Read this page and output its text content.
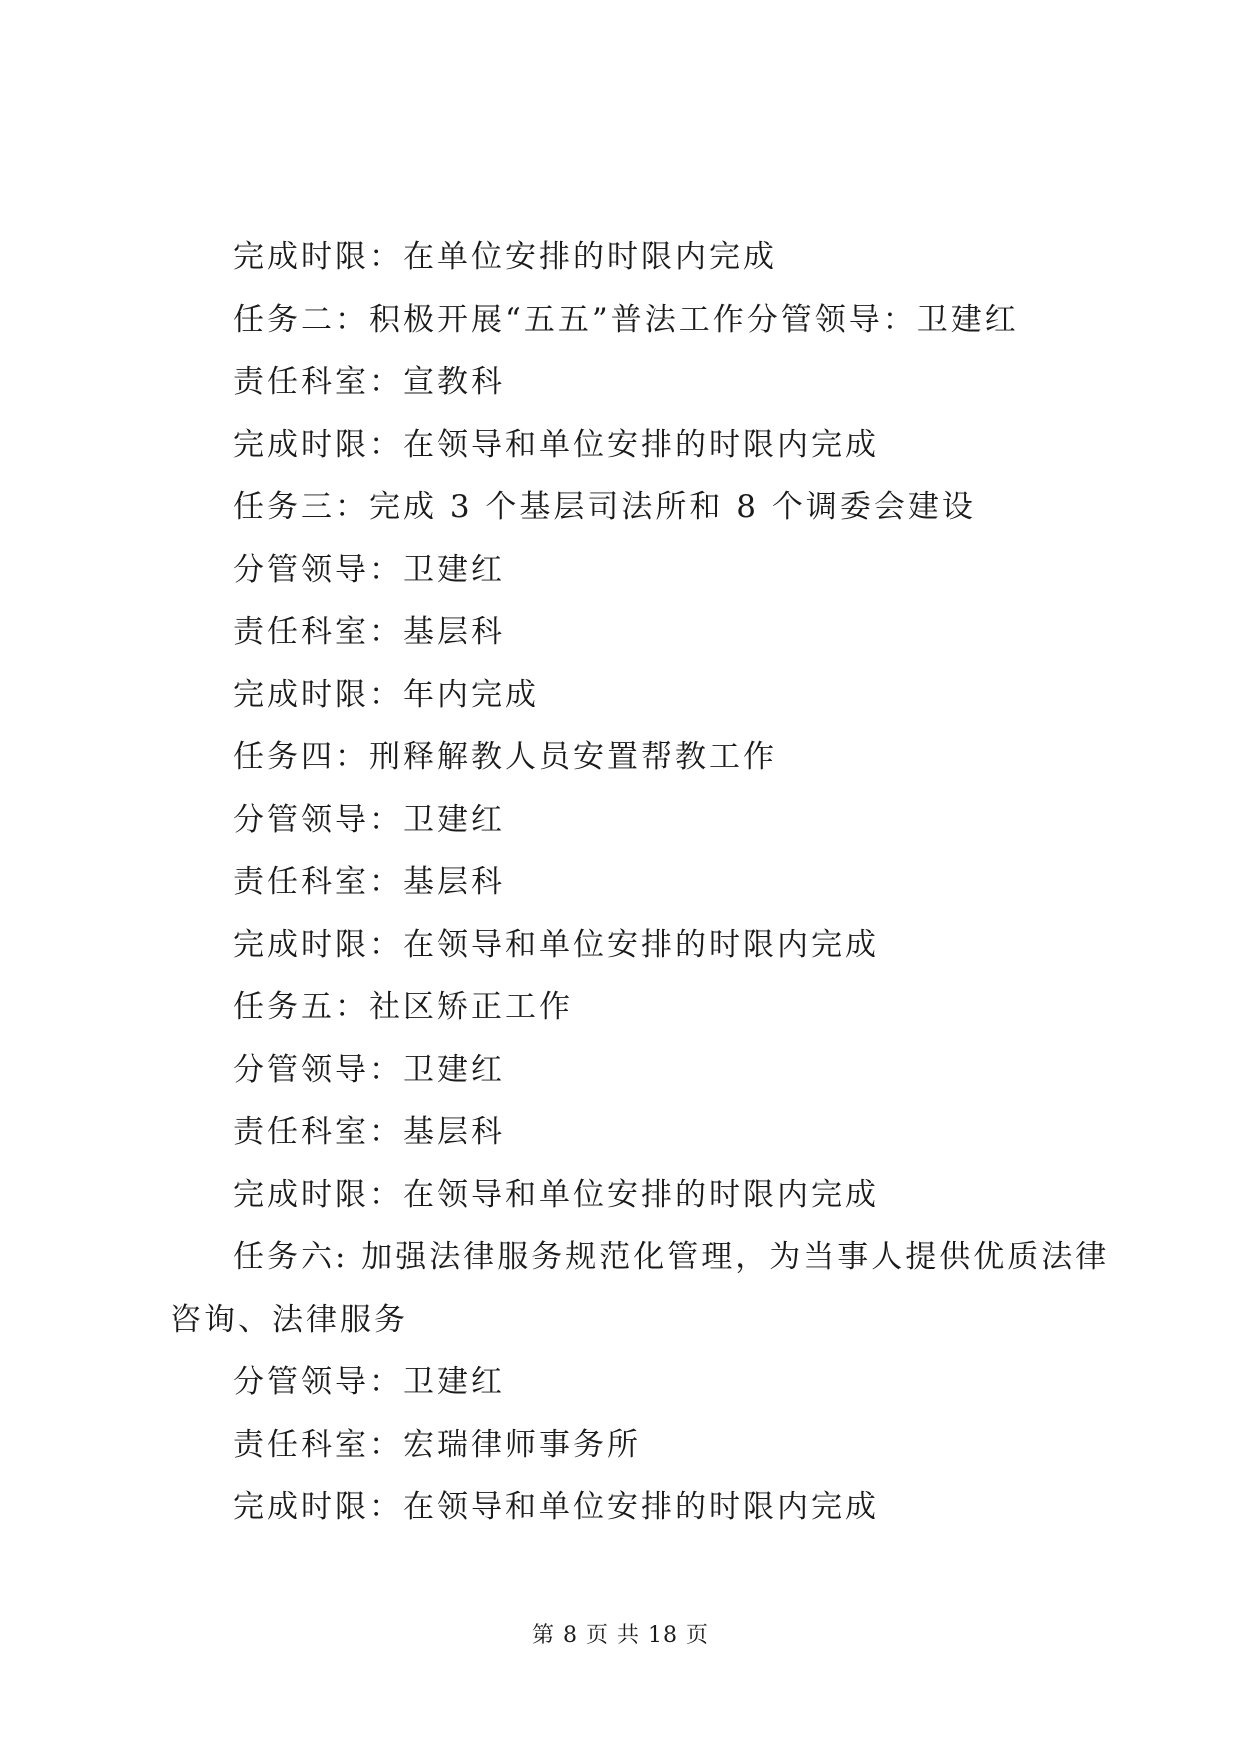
完成时限：在单位安排的时限内完成
任务二：积极开展“五五”普法工作分管领导：卫建红
责任科室：宣教科
完成时限：在领导和单位安排的时限内完成
任务三：完成 3 个基层司法所和 8 个调委会建设
分管领导：卫建红
责任科室：基层科
完成时限：年内完成
任务四：刑释解教人员安置帮教工作
分管领导：卫建红
责任科室：基层科
完成时限：在领导和单位安排的时限内完成
任务五：社区矫正工作
分管领导：卫建红
责任科室：基层科
完成时限：在领导和单位安排的时限内完成
任务六: 加强法律服务规范化管理，为当事人提供优质法律
咨询、法律服务
分管领导：卫建红
责任科室：宏瑞律师事务所
完成时限：在领导和单位安排的时限内完成
第 8 页 共 18 页
